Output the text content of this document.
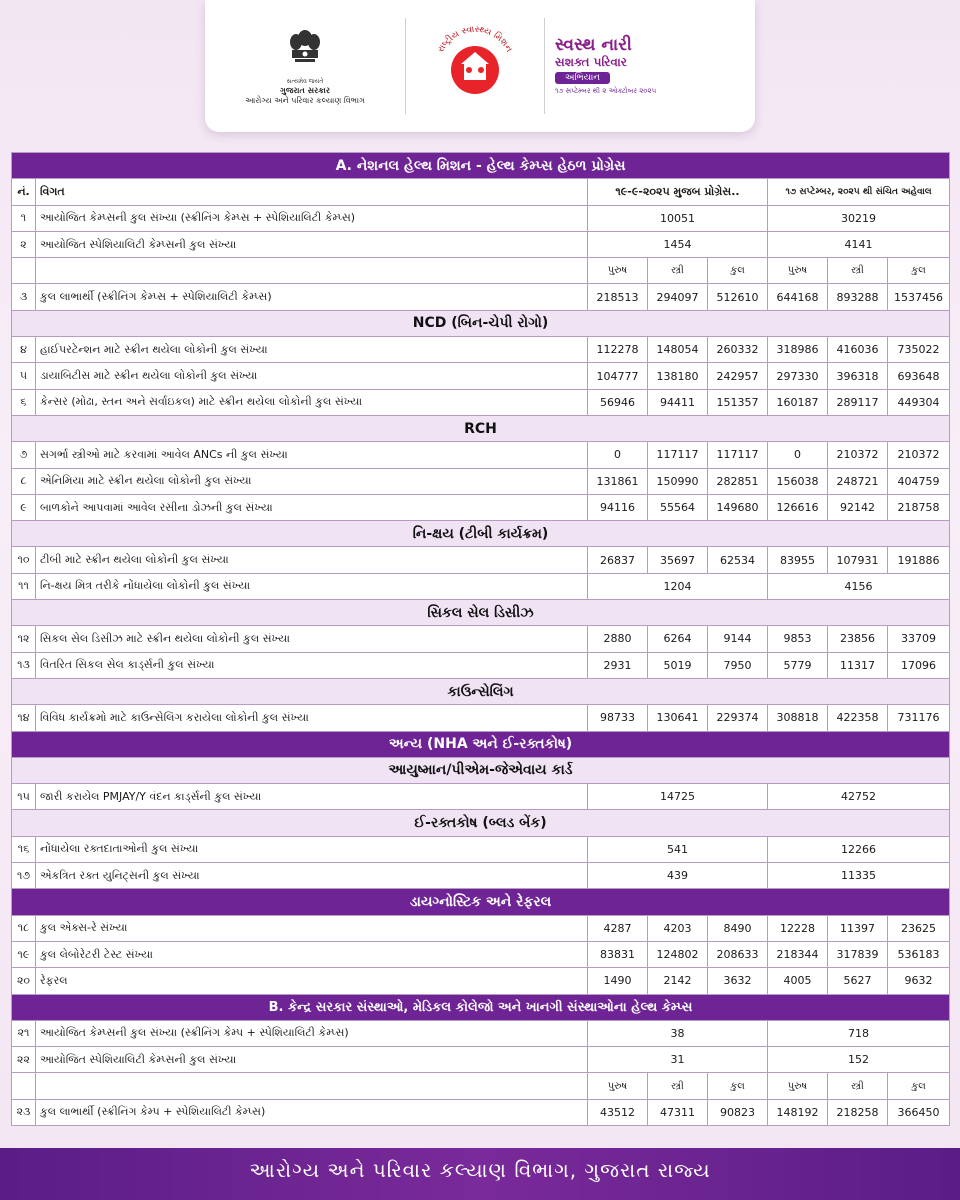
સત્યમેવ જયતે
ગુજરાત સરકાર
આરોગ્ય અને પરિવાર કલ્યાણ વિભાગ
રાષ્ટ્રીય સ્વાસ્થ્ય મિશન સ્વસ્થ નારી
સશક્ત પરિવાર
અભિયાન
૧૭ સપ્ટેમ્બર થી ૨ ઓક્ટોબર ૨૦૨૫
A. નેશનલ હેલ્થ મિશન - હેલ્થ કેમ્પ્સ હેઠળ પ્રોગ્રેસ							
નં.	વિગત	૧૯-૯-૨૦૨૫ મુજબ પ્રોગ્રેસ..			૧૭ સપ્ટેમ્બર, ૨૦૨૫ થી સંચિત અહેવાલ		
૧	આયોજિત કેમ્પ્સની કુલ સંખ્યા (સ્ક્રીનિંગ કેમ્પ્સ + સ્પેશિયાલિટી કેમ્પ્સ)	10051			30219		
૨	આયોજિત સ્પેશિયાલિટી કેમ્પ્સની કુલ સંખ્યા	1454			4141		
		પુરુષ	સ્ત્રી	કુલ	પુરુષ	સ્ત્રી	કુલ
૩	કુલ લાભાર્થી (સ્ક્રીનિંગ કેમ્પ્સ + સ્પેશિયાલિટી કેમ્પ્સ)	218513	294097	512610	644168	893288	1537456
NCD (બિન-ચેપી રોગો)							
૪	હાઈપરટેન્શન માટે સ્ક્રીન થયેલા લોકોની કુલ સંખ્યા	112278	148054	260332	318986	416036	735022
૫	ડાયાબિટીસ માટે સ્ક્રીન થયેલા લોકોની કુલ સંખ્યા	104777	138180	242957	297330	396318	693648
૬	કેન્સર (મોઢા, સ્તન અને સર્વાઇકલ) માટે સ્ક્રીન થયેલા લોકોની કુલ સંખ્યા	56946	94411	151357	160187	289117	449304
RCH							
૭	સગર્ભા સ્ત્રીઓ માટે કરવામાં આવેલ ANCs ની કુલ સંખ્યા	0	117117	117117	0	210372	210372
૮	એનિમિયા માટે સ્ક્રીન થયેલા લોકોની કુલ સંખ્યા	131861	150990	282851	156038	248721	404759
૯	બાળકોને આપવામાં આવેલ રસીના ડોઝની કુલ સંખ્યા	94116	55564	149680	126616	92142	218758
નિ-ક્ષય (ટીબી કાર્યક્રમ)							
૧૦	ટીબી માટે સ્ક્રીન થયેલા લોકોની કુલ સંખ્યા	26837	35697	62534	83955	107931	191886
૧૧	નિ-ક્ષય મિત્ર તરીકે નોંધાયેલા લોકોની કુલ સંખ્યા	1204			4156		
સિકલ સેલ ડિસીઝ							
૧૨	સિકલ સેલ ડિસીઝ માટે સ્ક્રીન થયેલા લોકોની કુલ સંખ્યા	2880	6264	9144	9853	23856	33709
૧૩	વિતરિત સિકલ સેલ કાર્ડ્સની કુલ સંખ્યા	2931	5019	7950	5779	11317	17096
કાઉન્સેલિંગ							
૧૪	વિવિધ કાર્યક્રમો માટે કાઉન્સેલિંગ કરાયેલા લોકોની કુલ સંખ્યા	98733	130641	229374	308818	422358	731176
અન્ય (NHA અને ઈ-રક્તકોષ)							
આયુષ્માન/પીએમ-જેએવાય કાર્ડ							
૧૫	જારી કરાયેલ PMJAY/Y વંદન કાર્ડ્સની કુલ સંખ્યા	14725			42752		
ઈ-રક્તકોષ (બ્લડ બેંક)							
૧૬	નોંધાયેલા રક્તદાતાઓની કુલ સંખ્યા	541			12266		
૧૭	એકત્રિત રક્ત યુનિટ્સની કુલ સંખ્યા	439			11335		
ડાયગ્નોસ્ટિક અને રેફરલ							
૧૮	કુલ એક્સ-રે સંખ્યા	4287	4203	8490	12228	11397	23625
૧૯	કુલ લેબોરેટરી ટેસ્ટ સંખ્યા	83831	124802	208633	218344	317839	536183
૨૦	રેફરલ	1490	2142	3632	4005	5627	9632
B. કેન્દ્ર સરકાર સંસ્થાઓ, મેડિકલ કોલેજો અને ખાનગી સંસ્થાઓના હેલ્થ કેમ્પ્સ							
૨૧	આયોજિત કેમ્પ્સની કુલ સંખ્યા (સ્ક્રીનિંગ કેમ્પ + સ્પેશિયાલિટી કેમ્પ્સ)	38			718		
૨૨	આયોજિત સ્પેશિયાલિટી કેમ્પ્સની કુલ સંખ્યા	31			152		
		પુરુષ	સ્ત્રી	કુલ	પુરુષ	સ્ત્રી	કુલ
૨૩	કુલ લાભાર્થી (સ્ક્રીનિંગ કેમ્પ + સ્પેશિયાલિટી કેમ્પ્સ)	43512	47311	90823	148192	218258	366450
આરોગ્ય અને પરિવાર કલ્યાણ વિભાગ, ગુજરાત રાજ્ય
